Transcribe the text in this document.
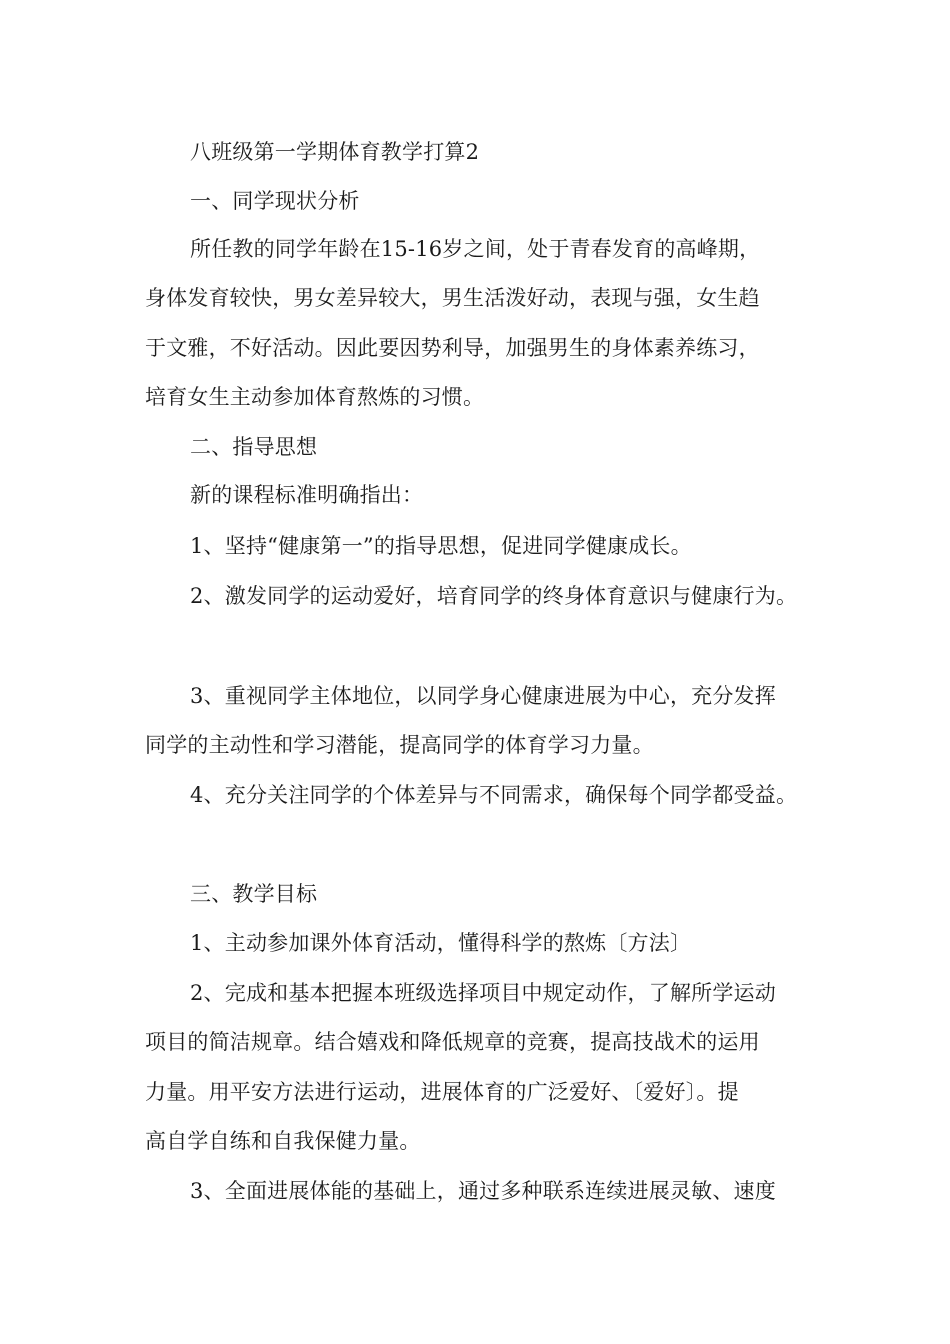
八班级第一学期体育教学打算2
一、同学现状分析
所任教的同学年龄在15-16岁之间，处于青春发育的高峰期，
身体发育较快，男女差异较大，男生活泼好动，表现与强，女生趋
于文雅，不好活动。因此要因势利导，加强男生的身体素养练习，
培育女生主动参加体育熬炼的习惯。
二、指导思想
新的课程标准明确指出：
1、坚持“健康第一”的指导思想，促进同学健康成长。
2、激发同学的运动爱好，培育同学的终身体育意识与健康行为。
3、重视同学主体地位，以同学身心健康进展为中心，充分发挥
同学的主动性和学习潜能，提高同学的体育学习力量。
4、充分关注同学的个体差异与不同需求，确保每个同学都受益。
三、教学目标
1、主动参加课外体育活动，懂得科学的熬炼〔方法〕
2、完成和基本把握本班级选择项目中规定动作，了解所学运动
项目的简洁规章。结合嬉戏和降低规章的竞赛，提高技战术的运用
力量。用平安方法进行运动，进展体育的广泛爱好、〔爱好〕。提
高自学自练和自我保健力量。
3、全面进展体能的基础上，通过多种联系连续进展灵敏、速度
